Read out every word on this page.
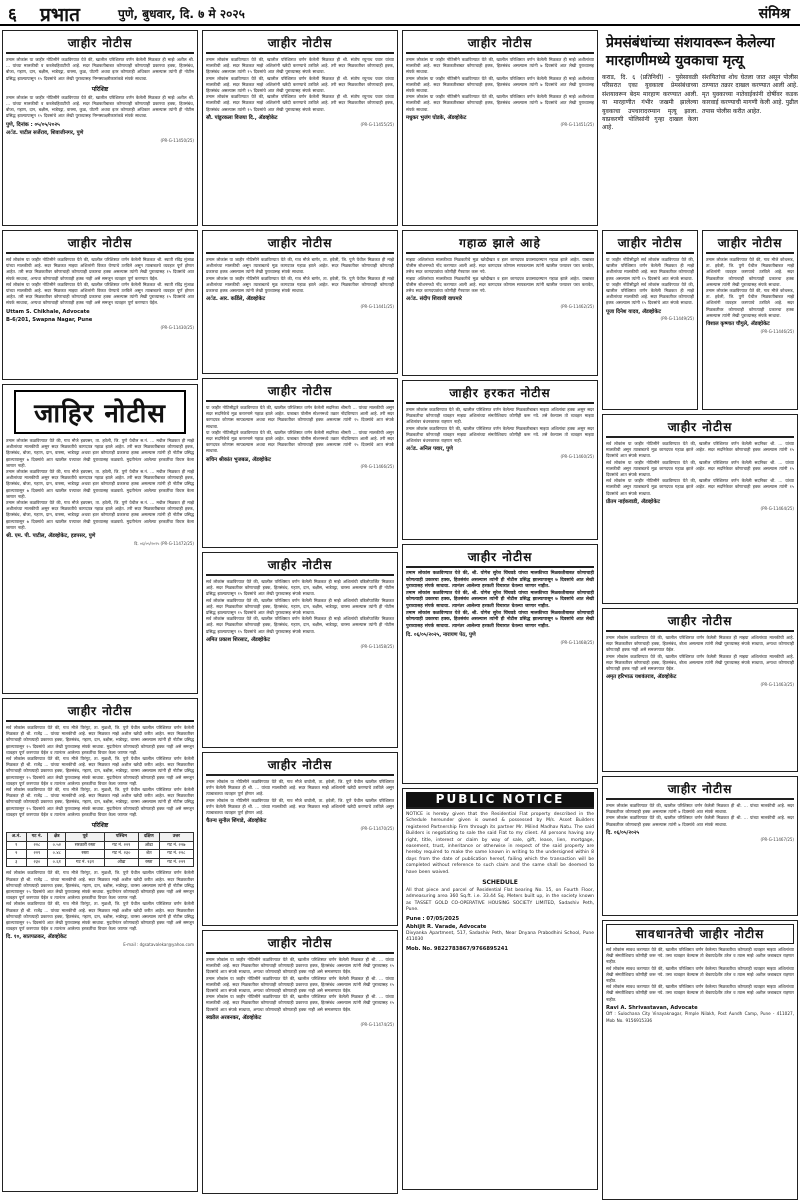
६ प्रभात	पुणे, बुधवार, दि. ७ मे २०२५	संमिश्र
जाहीर नोटीस
तमाम लोकांस या जाहीर नोटिसीने कळविण्यात येते की, खालील परिशिष्टात वर्णन केलेली मिळकत ही माझे अशील श्री. ... यांच्या मालकीची व कब्जेवहिवाटीची आहे. सदर मिळकतीबाबत कोणाचाही कोणत्याही प्रकारचा हक्क, हितसंबंध, बोजा, गहाण, दान, बक्षीस, भाडेपट्टा, वारसा, कुळ, पोटगी अथवा इतर कोणताही अधिकार असल्यास त्यांनी ही नोटीस प्रसिद्ध झाल्यापासून १५ दिवसांचे आत लेखी पुराव्यासह निम्नस्वाक्षरीकारांकडे संपर्क साधावा.
परिशिष्ट
तमाम लोकांस या जाहीर नोटिसीने कळविण्यात येते की, खालील परिशिष्टात वर्णन केलेली मिळकत ही माझे अशील श्री. ... यांच्या मालकीची व कब्जेवहिवाटीची आहे. सदर मिळकतीबाबत कोणाचाही कोणत्याही प्रकारचा हक्क, हितसंबंध, बोजा, गहाण, दान, बक्षीस, भाडेपट्टा, वारसा, कुळ, पोटगी अथवा इतर कोणताही अधिकार असल्यास त्यांनी ही नोटीस प्रसिद्ध झाल्यापासून १५ दिवसांचे आत लेखी पुराव्यासह निम्नस्वाक्षरीकारांकडे संपर्क साधावा.
पुणे, दिनांक : ०५/०५/२०२५
अॅड. पाटील सर्जेराव, शिवाजीनगर, पुणे
(PR-G-11450/25)
जाहीर नोटीस
सर्व लोकांस या जाहीर नोटिसीने कळविण्यात येते की, खालील परिशिष्टात वर्णन केलेली मिळकत श्री. स्वाती रविंद्र मुंजाळ यांच्या मालकीची आहे. सदर मिळकत माझ्या अशिलांनी विकत घेण्याचे ठरविले असून त्याबाबतचे व्यवहार पूर्ण होणार आहेत. तरी सदर मिळकतीवर कोणाचाही कोणत्याही प्रकारचा हक्क असल्यास त्यांनी लेखी पुराव्यासह १५ दिवसांचे आत संपर्क साधावा, अन्यथा कोणाचाही कोणताही हक्क नाही असे समजून व्यवहार पूर्ण करण्यात येईल.
सर्व लोकांस या जाहीर नोटिसीने कळविण्यात येते की, खालील परिशिष्टात वर्णन केलेली मिळकत श्री. स्वाती रविंद्र मुंजाळ यांच्या मालकीची आहे. सदर मिळकत माझ्या अशिलांनी विकत घेण्याचे ठरविले असून त्याबाबतचे व्यवहार पूर्ण होणार आहेत. तरी सदर मिळकतीवर कोणाचाही कोणत्याही प्रकारचा हक्क असल्यास त्यांनी लेखी पुराव्यासह १५ दिवसांचे आत संपर्क साधावा, अन्यथा कोणाचाही कोणताही हक्क नाही असे समजून व्यवहार पूर्ण करण्यात येईल.
Uttam S. Chikhale, Advocate
B-6/201, Swapna Nagar, Pune
(PR-G-11430/25)
जाहिर नोटीस
तमाम लोकांस कळविण्यात येते की, गाव मौजे हडपसर, ता. हवेली, जि. पुणे येथील स.नं. ... मधील मिळकत ही माझे अशीलांच्या मालकीची असून सदर मिळकतीचे कागदपत्र गहाळ झाले आहेत. तरी सदर मिळकतीबाबत कोणाचाही हक्क, हितसंबंध, बोजा, गहाण, दान, वारसा, भाडेपट्टा अथवा इतर कोणताही प्रकारचा हक्क असल्यास त्यांनी ही नोटीस प्रसिद्ध झाल्यापासून ७ दिवसांचे आत खालील पत्त्यावर लेखी पुराव्यासह कळवावे. मुदतीनंतर आलेल्या हरकतींचा विचार केला जाणार नाही.
तमाम लोकांस कळविण्यात येते की, गाव मौजे हडपसर, ता. हवेली, जि. पुणे येथील स.नं. ... मधील मिळकत ही माझे अशीलांच्या मालकीची असून सदर मिळकतीचे कागदपत्र गहाळ झाले आहेत. तरी सदर मिळकतीबाबत कोणाचाही हक्क, हितसंबंध, बोजा, गहाण, दान, वारसा, भाडेपट्टा अथवा इतर कोणताही प्रकारचा हक्क असल्यास त्यांनी ही नोटीस प्रसिद्ध झाल्यापासून ७ दिवसांचे आत खालील पत्त्यावर लेखी पुराव्यासह कळवावे. मुदतीनंतर आलेल्या हरकतींचा विचार केला जाणार नाही.
तमाम लोकांस कळविण्यात येते की, गाव मौजे हडपसर, ता. हवेली, जि. पुणे येथील स.नं. ... मधील मिळकत ही माझे अशीलांच्या मालकीची असून सदर मिळकतीचे कागदपत्र गहाळ झाले आहेत. तरी सदर मिळकतीबाबत कोणाचाही हक्क, हितसंबंध, बोजा, गहाण, दान, वारसा, भाडेपट्टा अथवा इतर कोणताही प्रकारचा हक्क असल्यास त्यांनी ही नोटीस प्रसिद्ध झाल्यापासून ७ दिवसांचे आत खालील पत्त्यावर लेखी पुराव्यासह कळवावे. मुदतीनंतर आलेल्या हरकतींचा विचार केला जाणार नाही.
श्री. एम. पी. पाटील, ॲडव्होकेट, हडपसर, पुणे
दि. ०६/०५/२०२५ (PR-G-11472/25)
जाहीर नोटीस
सर्व लोकांस कळविण्यात येते की, गाव मौजे पिरंगुट, ता. मुळशी, जि. पुणे येथील खालील परिशिष्टात वर्णन केलेली मिळकत ही श्री. राजेंद्र ... यांच्या मालकीची आहे. सदर मिळकत माझे अशील खरेदी करीत आहेत. सदर मिळकतीवर कोणाचाही कोणत्याही प्रकारचा हक्क, हितसंबंध, गहाण, दान, बक्षीस, भाडेपट्टा, वारसा असल्यास त्यांनी ही नोटीस प्रसिद्ध झाल्यापासून १५ दिवसांचे आत लेखी पुराव्यासह संपर्क साधावा. मुदतीनंतर कोणाचाही कोणताही हक्क नाही असे समजून व्यवहार पूर्ण करण्यात येईल व त्यानंतर आलेल्या हरकतींचा विचार केला जाणार नाही.
सर्व लोकांस कळविण्यात येते की, गाव मौजे पिरंगुट, ता. मुळशी, जि. पुणे येथील खालील परिशिष्टात वर्णन केलेली मिळकत ही श्री. राजेंद्र ... यांच्या मालकीची आहे. सदर मिळकत माझे अशील खरेदी करीत आहेत. सदर मिळकतीवर कोणाचाही कोणत्याही प्रकारचा हक्क, हितसंबंध, गहाण, दान, बक्षीस, भाडेपट्टा, वारसा असल्यास त्यांनी ही नोटीस प्रसिद्ध झाल्यापासून १५ दिवसांचे आत लेखी पुराव्यासह संपर्क साधावा. मुदतीनंतर कोणाचाही कोणताही हक्क नाही असे समजून व्यवहार पूर्ण करण्यात येईल व त्यानंतर आलेल्या हरकतींचा विचार केला जाणार नाही.
सर्व लोकांस कळविण्यात येते की, गाव मौजे पिरंगुट, ता. मुळशी, जि. पुणे येथील खालील परिशिष्टात वर्णन केलेली मिळकत ही श्री. राजेंद्र ... यांच्या मालकीची आहे. सदर मिळकत माझे अशील खरेदी करीत आहेत. सदर मिळकतीवर कोणाचाही कोणत्याही प्रकारचा हक्क, हितसंबंध, गहाण, दान, बक्षीस, भाडेपट्टा, वारसा असल्यास त्यांनी ही नोटीस प्रसिद्ध झाल्यापासून १५ दिवसांचे आत लेखी पुराव्यासह संपर्क साधावा. मुदतीनंतर कोणाचाही कोणताही हक्क नाही असे समजून व्यवहार पूर्ण करण्यात येईल व त्यानंतर आलेल्या हरकतींचा विचार केला जाणार नाही.
परिशिष्ट
अ.नं.	गट नं.	क्षेत्र	पूर्व	पश्चिम	दक्षिण	उत्तर
१	२२८	०.५२	सरकारी रस्ता	गट नं. २२९	ओढा	गट नं. २२७
२	२२९	०.४८	रस्ता	गट नं. २३०	शेत	गट नं. २२८
३	२३०	०.६१	गट नं. २३१	ओढा	रस्ता	गट नं. २२९
सर्व लोकांस कळविण्यात येते की, गाव मौजे पिरंगुट, ता. मुळशी, जि. पुणे येथील खालील परिशिष्टात वर्णन केलेली मिळकत ही श्री. राजेंद्र ... यांच्या मालकीची आहे. सदर मिळकत माझे अशील खरेदी करीत आहेत. सदर मिळकतीवर कोणाचाही कोणत्याही प्रकारचा हक्क, हितसंबंध, गहाण, दान, बक्षीस, भाडेपट्टा, वारसा असल्यास त्यांनी ही नोटीस प्रसिद्ध झाल्यापासून १५ दिवसांचे आत लेखी पुराव्यासह संपर्क साधावा. मुदतीनंतर कोणाचाही कोणताही हक्क नाही असे समजून व्यवहार पूर्ण करण्यात येईल व त्यानंतर आलेल्या हरकतींचा विचार केला जाणार नाही.
सर्व लोकांस कळविण्यात येते की, गाव मौजे पिरंगुट, ता. मुळशी, जि. पुणे येथील खालील परिशिष्टात वर्णन केलेली मिळकत ही श्री. राजेंद्र ... यांच्या मालकीची आहे. सदर मिळकत माझे अशील खरेदी करीत आहेत. सदर मिळकतीवर कोणाचाही कोणत्याही प्रकारचा हक्क, हितसंबंध, गहाण, दान, बक्षीस, भाडेपट्टा, वारसा असल्यास त्यांनी ही नोटीस प्रसिद्ध झाल्यापासून १५ दिवसांचे आत लेखी पुराव्यासह संपर्क साधावा. मुदतीनंतर कोणाचाही कोणताही हक्क नाही असे समजून व्यवहार पूर्ण करण्यात येईल व त्यानंतर आलेल्या हरकतींचा विचार केला जाणार नाही.
दि. १०, सातपळकर, ॲडव्होकेट
E-mail : dgsatavalekar@yahoo.com
जाहीर नोटीस
तमाम लोकांस कळविण्यात येते की, खालील परिशिष्टात वर्णन केलेली मिळकत ही श्री. संतोष रघुनाथ पवार यांच्या मालकीची आहे. सदर मिळकत माझे अशिलांनी खरेदी करण्याचे ठरविले आहे. तरी सदर मिळकतीवर कोणाचाही हक्क, हितसंबंध असल्यास त्यांनी १५ दिवसांचे आत लेखी पुराव्यासह संपर्क साधावा.
तमाम लोकांस कळविण्यात येते की, खालील परिशिष्टात वर्णन केलेली मिळकत ही श्री. संतोष रघुनाथ पवार यांच्या मालकीची आहे. सदर मिळकत माझे अशिलांनी खरेदी करण्याचे ठरविले आहे. तरी सदर मिळकतीवर कोणाचाही हक्क, हितसंबंध असल्यास त्यांनी १५ दिवसांचे आत लेखी पुराव्यासह संपर्क साधावा.
तमाम लोकांस कळविण्यात येते की, खालील परिशिष्टात वर्णन केलेली मिळकत ही श्री. संतोष रघुनाथ पवार यांच्या मालकीची आहे. सदर मिळकत माझे अशिलांनी खरेदी करण्याचे ठरविले आहे. तरी सदर मिळकतीवर कोणाचाही हक्क, हितसंबंध असल्यास त्यांनी १५ दिवसांचे आत लेखी पुराव्यासह संपर्क साधावा.
सौ. पांडुरकला विजया दि., ॲडव्होकेट
(PR-G-11455/25)
जाहीर नोटीस
तमाम लोकांस या जाहीर नोटिसीने कळविण्यात येते की, गाव मौजे बाणेर, ता. हवेली, जि. पुणे येथील मिळकत ही माझे अशीलांच्या मालकीची असून त्याबाबतचे मूळ कागदपत्र गहाळ झाले आहेत. सदर मिळकतीवर कोणाचाही कोणताही प्रकारचा हक्क असल्यास त्यांनी लेखी पुराव्यासह संपर्क साधावा.
तमाम लोकांस या जाहीर नोटिसीने कळविण्यात येते की, गाव मौजे बाणेर, ता. हवेली, जि. पुणे येथील मिळकत ही माझे अशीलांच्या मालकीची असून त्याबाबतचे मूळ कागदपत्र गहाळ झाले आहेत. सदर मिळकतीवर कोणाचाही कोणताही प्रकारचा हक्क असल्यास त्यांनी लेखी पुराव्यासह संपर्क साधावा.
अॅड. आर. कर्डिले, ॲडव्होकेट
(PR-G-11441/25)
जाहीर नोटीस
या जाहीर नोटिसीद्वारे कळविण्यात येते की, खालील परिशिष्टात वर्णन केलेली सदनिका श्रीमती ... यांच्या मालकीची असून सदर सदनिकेचे मूळ करारनामे गहाळ झाले आहेत. याबाबत पोलीस स्टेशनमध्ये तक्रार नोंदविण्यात आली आहे. तरी सदर कागदपत्र कोणास सापडल्यास अथवा सदर मिळकतीवर कोणाचाही हक्क असल्यास त्यांनी १५ दिवसांचे आत संपर्क साधावा.
या जाहीर नोटिसीद्वारे कळविण्यात येते की, खालील परिशिष्टात वर्णन केलेली सदनिका श्रीमती ... यांच्या मालकीची असून सदर सदनिकेचे मूळ करारनामे गहाळ झाले आहेत. याबाबत पोलीस स्टेशनमध्ये तक्रार नोंदविण्यात आली आहे. तरी सदर कागदपत्र कोणास सापडल्यास अथवा सदर मिळकतीवर कोणाचाही हक्क असल्यास त्यांनी १५ दिवसांचे आत संपर्क साधावा.
सचिन श्रीकांत भुजबळ, ॲडव्होकेट
(PR-G-11466/25)
जाहीर नोटीस
सर्व लोकांस कळविण्यात येते की, खालील परिशिष्टात वर्णन केलेली मिळकत ही माझे अशिलांची वडिलोपार्जित मिळकत आहे. सदर मिळकतीवर कोणाचाही हक्क, हितसंबंध, गहाण, दान, बक्षीस, भाडेपट्टा, वारसा असल्यास त्यांनी ही नोटीस प्रसिद्ध झाल्यापासून १५ दिवसांचे आत लेखी पुराव्यासह संपर्क साधावा.
सर्व लोकांस कळविण्यात येते की, खालील परिशिष्टात वर्णन केलेली मिळकत ही माझे अशिलांची वडिलोपार्जित मिळकत आहे. सदर मिळकतीवर कोणाचाही हक्क, हितसंबंध, गहाण, दान, बक्षीस, भाडेपट्टा, वारसा असल्यास त्यांनी ही नोटीस प्रसिद्ध झाल्यापासून १५ दिवसांचे आत लेखी पुराव्यासह संपर्क साधावा.
सर्व लोकांस कळविण्यात येते की, खालील परिशिष्टात वर्णन केलेली मिळकत ही माझे अशिलांची वडिलोपार्जित मिळकत आहे. सदर मिळकतीवर कोणाचाही हक्क, हितसंबंध, गहाण, दान, बक्षीस, भाडेपट्टा, वारसा असल्यास त्यांनी ही नोटीस प्रसिद्ध झाल्यापासून १५ दिवसांचे आत लेखी पुराव्यासह संपर्क साधावा.
अमित प्रकाश शिरसाट, ॲडव्होकेट
(PR-G-11458/25)
जाहीर नोटीस
तमाम लोकांस या नोटिसीने कळविण्यात येते की, गाव मौजे वाघोली, ता. हवेली, जि. पुणे येथील खालील परिशिष्टात वर्णन केलेली मिळकत ही श्री. ... यांच्या मालकीची आहे. सदर मिळकत माझे अशिलांनी खरेदी करण्याचे ठरविले असून त्याबाबतचा व्यवहार पूर्ण होणार आहे.
तमाम लोकांस या नोटिसीने कळविण्यात येते की, गाव मौजे वाघोली, ता. हवेली, जि. पुणे येथील खालील परिशिष्टात वर्णन केलेली मिळकत ही श्री. ... यांच्या मालकीची आहे. सदर मिळकत माझे अशिलांनी खरेदी करण्याचे ठरविले असून त्याबाबतचा व्यवहार पूर्ण होणार आहे.
चैतन्य सुनील शिंगाडे, ॲडव्होकेट
(PR-G-11470/25)
जाहीर नोटीस
तमाम लोकांस या जाहीर नोटिसीने कळविण्यात येते की, खालील परिशिष्टात वर्णन केलेली मिळकत ही श्री. ... यांच्या मालकीची आहे. सदर मिळकतीवर कोणाचाही कोणत्याही प्रकारचा हक्क, हितसंबंध असल्यास त्यांनी लेखी पुराव्यासह १५ दिवसांचे आत संपर्क साधावा, अन्यथा कोणाचाही कोणताही हक्क नाही असे समजण्यात येईल.
तमाम लोकांस या जाहीर नोटिसीने कळविण्यात येते की, खालील परिशिष्टात वर्णन केलेली मिळकत ही श्री. ... यांच्या मालकीची आहे. सदर मिळकतीवर कोणाचाही कोणत्याही प्रकारचा हक्क, हितसंबंध असल्यास त्यांनी लेखी पुराव्यासह १५ दिवसांचे आत संपर्क साधावा, अन्यथा कोणाचाही कोणताही हक्क नाही असे समजण्यात येईल.
तमाम लोकांस या जाहीर नोटिसीने कळविण्यात येते की, खालील परिशिष्टात वर्णन केलेली मिळकत ही श्री. ... यांच्या मालकीची आहे. सदर मिळकतीवर कोणाचाही कोणत्याही प्रकारचा हक्क, हितसंबंध असल्यास त्यांनी लेखी पुराव्यासह १५ दिवसांचे आत संपर्क साधावा, अन्यथा कोणाचाही कोणताही हक्क नाही असे समजण्यात येईल.
स्वप्नील अरबनकर, ॲडव्होकेट
(PR-G-11474/25)
जाहीर नोटीस
तमाम लोकांस या जाहीर नोटिसीने कळविण्यात येते की, खालील परिशिष्टात वर्णन केलेली मिळकत ही माझे अशीलांच्या मालकीची आहे. सदर मिळकतीबाबत कोणाचाही हक्क, हितसंबंध असल्यास त्यांनी ७ दिवसांचे आत लेखी पुराव्यासह संपर्क साधावा.
तमाम लोकांस या जाहीर नोटिसीने कळविण्यात येते की, खालील परिशिष्टात वर्णन केलेली मिळकत ही माझे अशीलांच्या मालकीची आहे. सदर मिळकतीबाबत कोणाचाही हक्क, हितसंबंध असल्यास त्यांनी ७ दिवसांचे आत लेखी पुराव्यासह संपर्क साधावा.
तमाम लोकांस या जाहीर नोटिसीने कळविण्यात येते की, खालील परिशिष्टात वर्णन केलेली मिळकत ही माझे अशीलांच्या मालकीची आहे. सदर मिळकतीबाबत कोणाचाही हक्क, हितसंबंध असल्यास त्यांनी ७ दिवसांचे आत लेखी पुराव्यासह संपर्क साधावा.
मधुकर भुजंग घोडके, ॲडव्होकेट
(PR-G-11451/25)
गहाळ झाले आहे
माझ्या अशिलांच्या मालकीच्या मिळकतीचे मूळ खरेदीखत व इतर कागदपत्र प्रवासादरम्यान गहाळ झाले आहेत. याबाबत पोलीस स्टेशनमध्ये नोंद करण्यात आली आहे. सदर कागदपत्र कोणास सापडल्यास त्यांनी खालील पत्त्यावर परत करावेत, तसेच सदर कागदपत्रांचा कोणीही गैरवापर करू नये.
माझ्या अशिलांच्या मालकीच्या मिळकतीचे मूळ खरेदीखत व इतर कागदपत्र प्रवासादरम्यान गहाळ झाले आहेत. याबाबत पोलीस स्टेशनमध्ये नोंद करण्यात आली आहे. सदर कागदपत्र कोणास सापडल्यास त्यांनी खालील पत्त्यावर परत करावेत, तसेच सदर कागदपत्रांचा कोणीही गैरवापर करू नये.
अॅड. संदीप शिवाजी वाघमारे
(PR-G-11462/25)
जाहीर हरकत नोटीस
तमाम लोकांस कळविण्यात येते की, खालील परिशिष्टात वर्णन केलेल्या मिळकतीबाबत माझ्या अशिलांचा हक्क असून सदर मिळकतीचा कोणताही व्यवहार माझ्या अशिलांच्या संमतीशिवाय कोणीही करू नये. तसे केल्यास तो व्यवहार माझ्या अशिलांवर बंधनकारक राहणार नाही.
तमाम लोकांस कळविण्यात येते की, खालील परिशिष्टात वर्णन केलेल्या मिळकतीबाबत माझ्या अशिलांचा हक्क असून सदर मिळकतीचा कोणताही व्यवहार माझ्या अशिलांच्या संमतीशिवाय कोणीही करू नये. तसे केल्यास तो व्यवहार माझ्या अशिलांवर बंधनकारक राहणार नाही.
अॅड. अनिल पवार, पुणे
(PR-G-11460/25)
जाहीर नोटीस
तमाम लोकांस कळविण्यात येते की, श्री. योगेश सुरेश चिंचवडे यांच्या मालकीच्या मिळकतीबाबत कोणाचाही कोणत्याही प्रकारचा हक्क, हितसंबंध असल्यास त्यांनी ही नोटीस प्रसिद्ध झाल्यापासून ७ दिवसांचे आत लेखी पुराव्यासह संपर्क साधावा. त्यानंतर आलेल्या हरकती विचारात घेतल्या जाणार नाहीत.
तमाम लोकांस कळविण्यात येते की, श्री. योगेश सुरेश चिंचवडे यांच्या मालकीच्या मिळकतीबाबत कोणाचाही कोणत्याही प्रकारचा हक्क, हितसंबंध असल्यास त्यांनी ही नोटीस प्रसिद्ध झाल्यापासून ७ दिवसांचे आत लेखी पुराव्यासह संपर्क साधावा. त्यानंतर आलेल्या हरकती विचारात घेतल्या जाणार नाहीत.
तमाम लोकांस कळविण्यात येते की, श्री. योगेश सुरेश चिंचवडे यांच्या मालकीच्या मिळकतीबाबत कोणाचाही कोणत्याही प्रकारचा हक्क, हितसंबंध असल्यास त्यांनी ही नोटीस प्रसिद्ध झाल्यापासून ७ दिवसांचे आत लेखी पुराव्यासह संपर्क साधावा. त्यानंतर आलेल्या हरकती विचारात घेतल्या जाणार नाहीत.
दि. ०६/०५/२०२५, नारायण पेठ, पुणे
(PR-G-11468/25)
PUBLIC NOTICE
NOTICE is hereby given that the Residential Flat property described in the Schedule hereunder given is owned & possessed by M/s. Asset Builders registered Partnership Firm through its partner Mr. Milind Madhav Natu. The said Builders is negotiating to sale the said Flat to my client. All persons having any right, title, interest or claim by way of sale, gift, lease, lien, mortgage, easement, trust, inheritance or otherwise in respect of the said property are hereby required to make the same known in writing to the undersigned within 8 days from the date of publication hereof, failing which the transaction will be completed without reference to such claim and the same shall be deemed to have been waived.
SCHEDULE
All that piece and parcel of Residential Flat bearing No. 15, on Fourth Floor, admeasuring area 360 Sq.ft. i.e. 33.44 Sq. Meters built up, in the society known as TASSET GOLD CO-OPERATIVE HOUSING SOCIETY LIMITED, Sadashiv Peth, Pune.
Pune : 07/05/2025
Abhijit R. Varade, Advocate
Divyanka Apartment, 517, Sadashiv Peth, Near Dnyana Prabodhini School, Pune 411030
Mob. No. 9822783867/9766895241
प्रेमसंबंधांच्या संशयावरून केलेल्या मारहाणीमध्ये युवकाचा मृत्यू
कराड, दि. ६ (प्रतिनिधी) - पुसेसावळी परिसरात एका युवकाला प्रेमसंबंधाच्या संशयावरून बेदम मारहाण करण्यात आली. या मारहाणीत गंभीर जखमी झालेल्या युवकाचा उपचारादरम्यान मृत्यू झाला. याप्रकरणी पोलिसांनी गुन्हा दाखल केला आहे.
संशयितांचा शोध घेतला जात असून पोलीस ठाण्यात तक्रार दाखल करण्यात आली आहे. मृत युवकाच्या नातेवाईकांनी दोषींवर कडक कारवाई करण्याची मागणी केली आहे. पुढील तपास पोलीस करीत आहेत.
जाहीर नोटीस
या जाहीर नोटिसीद्वारे सर्व लोकांस कळविण्यात येते की, खालील परिशिष्टात वर्णन केलेली मिळकत ही माझे अशीलांच्या मालकीची आहे. सदर मिळकतीवर कोणाचाही हक्क असल्यास त्यांनी १५ दिवसांचे आत संपर्क साधावा.
या जाहीर नोटिसीद्वारे सर्व लोकांस कळविण्यात येते की, खालील परिशिष्टात वर्णन केलेली मिळकत ही माझे अशीलांच्या मालकीची आहे. सदर मिळकतीवर कोणाचाही हक्क असल्यास त्यांनी १५ दिवसांचे आत संपर्क साधावा.
पूजा दिनेश यादव, ॲडव्होकेट
(PR-G-11449/25)
जाहीर नोटीस
तमाम लोकांस कळविण्यात येते की, गाव मौजे कोथरूड, ता. हवेली, जि. पुणे येथील मिळकतीबाबत माझे अशिलांनी व्यवहार करण्याचे ठरविले आहे. सदर मिळकतीवर कोणाचाही कोणत्याही प्रकारचा हक्क असल्यास त्यांनी लेखी पुराव्यासह संपर्क साधावा.
तमाम लोकांस कळविण्यात येते की, गाव मौजे कोथरूड, ता. हवेली, जि. पुणे येथील मिळकतीबाबत माझे अशिलांनी व्यवहार करण्याचे ठरविले आहे. सदर मिळकतीवर कोणाचाही कोणत्याही प्रकारचा हक्क असल्यास त्यांनी लेखी पुराव्यासह संपर्क साधावा.
विशाल कृष्णात चौगुले, ॲडव्होकेट
(PR-G-11446/25)
जाहीर नोटीस
सर्व लोकांस या जाहीर नोटिसीने कळविण्यात येते की, खालील परिशिष्टात वर्णन केलेली सदनिका श्री. ... यांच्या मालकीची असून त्याबाबतचे मूळ कागदपत्र गहाळ झाले आहेत. सदर सदनिकेवर कोणाचाही हक्क असल्यास त्यांनी १५ दिवसांचे आत संपर्क साधावा.
सर्व लोकांस या जाहीर नोटिसीने कळविण्यात येते की, खालील परिशिष्टात वर्णन केलेली सदनिका श्री. ... यांच्या मालकीची असून त्याबाबतचे मूळ कागदपत्र गहाळ झाले आहेत. सदर सदनिकेवर कोणाचाही हक्क असल्यास त्यांनी १५ दिवसांचे आत संपर्क साधावा.
सर्व लोकांस या जाहीर नोटिसीने कळविण्यात येते की, खालील परिशिष्टात वर्णन केलेली सदनिका श्री. ... यांच्या मालकीची असून त्याबाबतचे मूळ कागदपत्र गहाळ झाले आहेत. सदर सदनिकेवर कोणाचाही हक्क असल्यास त्यांनी १५ दिवसांचे आत संपर्क साधावा.
प्रीतम नाईकवाडी, ॲडव्होकेट
(PR-G-11464/25)
जाहीर नोटीस
तमाम लोकांस कळविण्यात येते की, खालील परिशिष्टात वर्णन केलेली मिळकत ही माझ्या अशिलांच्या मालकीची आहे. सदर मिळकतीवर कोणाचाही हक्क, हितसंबंध, बोजा असल्यास त्यांनी लेखी पुराव्यासह संपर्क साधावा, अन्यथा कोणाचाही कोणताही हक्क नाही असे समजण्यात येईल.
तमाम लोकांस कळविण्यात येते की, खालील परिशिष्टात वर्णन केलेली मिळकत ही माझ्या अशिलांच्या मालकीची आहे. सदर मिळकतीवर कोणाचाही हक्क, हितसंबंध, बोजा असल्यास त्यांनी लेखी पुराव्यासह संपर्क साधावा, अन्यथा कोणाचाही कोणताही हक्क नाही असे समजण्यात येईल.
अमृत हरिभाऊ यशवंतराव, ॲडव्होकेट
(PR-G-11463/25)
जाहीर नोटीस
तमाम लोकांस कळविण्यात येते की, खालील परिशिष्टात वर्णन केलेली मिळकत ही श्री. ... यांच्या मालकीची आहे. सदर मिळकतीवर कोणाचाही हक्क असल्यास त्यांनी ७ दिवसांचे आत संपर्क साधावा.
तमाम लोकांस कळविण्यात येते की, खालील परिशिष्टात वर्णन केलेली मिळकत ही श्री. ... यांच्या मालकीची आहे. सदर मिळकतीवर कोणाचाही हक्क असल्यास त्यांनी ७ दिवसांचे आत संपर्क साधावा.
दि. ०६/०५/२०२५
(PR-G-11467/25)
सावधानतेची जाहीर नोटीस
सर्व लोकांस सावध करण्यात येते की, खालील परिशिष्टात वर्णन केलेल्या मिळकतीचा कोणताही व्यवहार माझ्या अशिलांच्या लेखी संमतीशिवाय कोणीही करू नये. तसा व्यवहार केल्यास तो बेकायदेशीर ठरेल व त्यास माझे अशील जबाबदार राहणार नाहीत.
सर्व लोकांस सावध करण्यात येते की, खालील परिशिष्टात वर्णन केलेल्या मिळकतीचा कोणताही व्यवहार माझ्या अशिलांच्या लेखी संमतीशिवाय कोणीही करू नये. तसा व्यवहार केल्यास तो बेकायदेशीर ठरेल व त्यास माझे अशील जबाबदार राहणार नाहीत.
सर्व लोकांस सावध करण्यात येते की, खालील परिशिष्टात वर्णन केलेल्या मिळकतीचा कोणताही व्यवहार माझ्या अशिलांच्या लेखी संमतीशिवाय कोणीही करू नये. तसा व्यवहार केल्यास तो बेकायदेशीर ठरेल व त्यास माझे अशील जबाबदार राहणार नाहीत.
Ravi A. Shrivastavan, Advocate
Off : Sulochana City Vinayaknagar, Pimple Nilakh, Post Aundh Camp, Pune - 411027, Mob No. 9156915336
